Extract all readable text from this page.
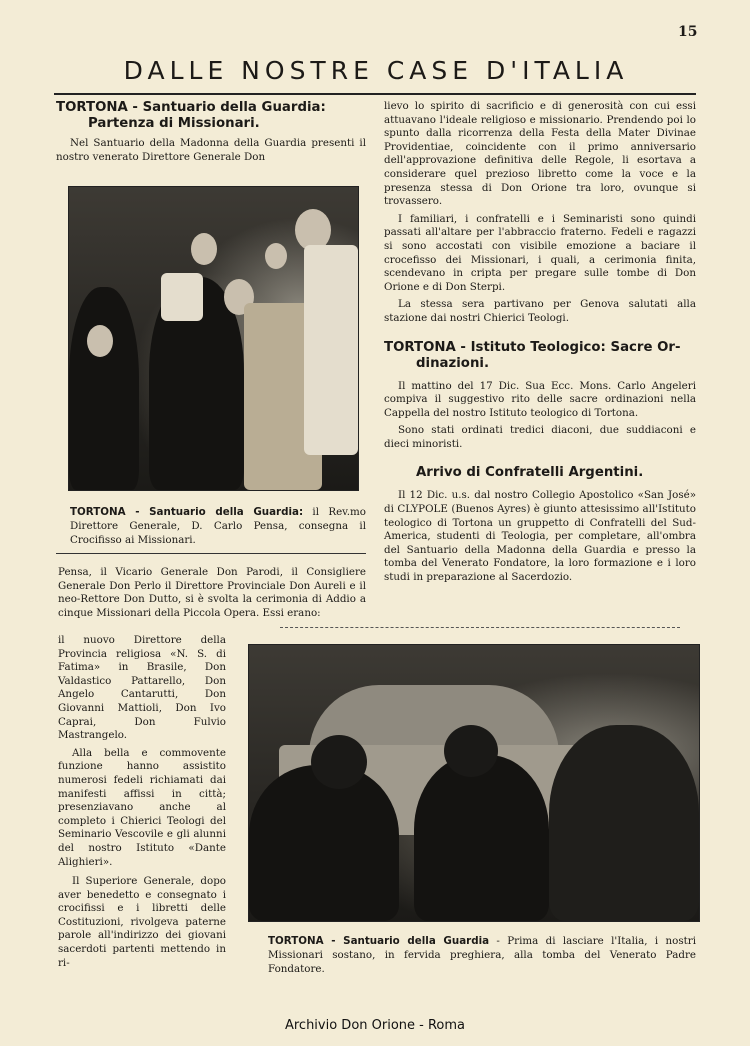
15
DALLE NOSTRE CASE D'ITALIA
TORTONA - Santuario della Guardia:
Partenza di Missionari.

Nel Santuario della Madonna della Guardia presenti il nostro venerato Direttore Generale Don

TORTONA - Santuario della Guardia: il Rev.mo Direttore Generale, D. Carlo Pensa, consegna il Crocifisso ai Missionari.

Pensa, il Vicario Generale Don Parodi, il Consigliere Generale Don Perlo il Direttore Provinciale Don Aureli e il neo-Rettore Don Dutto, si è svolta la cerimonia di Addio a cinque Missionari della Piccola Opera. Essi erano:

il nuovo Direttore della Provincia religiosa «N. S. di Fatima» in Brasile, Don Valdastico Pattarello, Don Angelo Cantarutti, Don Giovanni Mattioli, Don Ivo Caprai, Don Fulvio Mastrangelo.

Alla bella e commovente funzione hanno assistito numerosi fedeli richiamati dai manifesti affissi in città; presenziavano anche al completo i Chierici Teologi del Seminario Vescovile e gli alunni del nostro Istituto «Dante Alighieri».

Il Superiore Generale, dopo aver benedetto e consegnato i crocifissi e i libretti delle Costituzioni, rivolgeva paterne parole all'indirizzo dei giovani sacerdoti partenti mettendo in ri-

lievo lo spirito di sacrificio e di generosità con cui essi attuavano l'ideale religioso e missionario. Prendendo poi lo spunto dalla ricorrenza della Festa della Mater Divinae Providentiae, coincidente con il primo anniversario dell'approvazione definitiva delle Regole, li esortava a considerare quel prezioso libretto come la voce e la presenza stessa di Don Orione tra loro, ovunque si trovassero.

I familiari, i confratelli e i Seminaristi sono quindi passati all'altare per l'abbraccio fraterno. Fedeli e ragazzi si sono accostati con visibile emozione a baciare il crocefisso dei Missionari, i quali, a cerimonia finita, scendevano in cripta per pregare sulle tombe di Don Orione e di Don Sterpi.

La stessa sera partivano per Genova salutati alla stazione dai nostri Chierici Teologi.

TORTONA - Istituto Teologico: Sacre Or-
dinazioni.

Il mattino del 17 Dic. Sua Ecc. Mons. Carlo Angeleri compiva il suggestivo rito delle sacre ordinazioni nella Cappella del nostro Istituto teologico di Tortona.

Sono stati ordinati tredici diaconi, due suddiaconi e dieci minoristi.

Arrivo di Confratelli Argentini.

Il 12 Dic. u.s. dal nostro Collegio Apostolico «San José» di CLYPOLE (Buenos Ayres) è giunto attesissimo all'Istituto teologico di Tortona un gruppetto di Confratelli del Sud-America, studenti di Teologia, per completare, all'ombra del Santuario della Madonna della Guardia e presso la tomba del Venerato Fondatore, la loro formazione e i loro studi in preparazione al Sacerdozio.

TORTONA - Santuario della Guardia - Prima di lasciare l'Italia, i nostri Missionari sostano, in fervida preghiera, alla tomba del Venerato Padre Fondatore.
Archivio Don Orione - Roma
